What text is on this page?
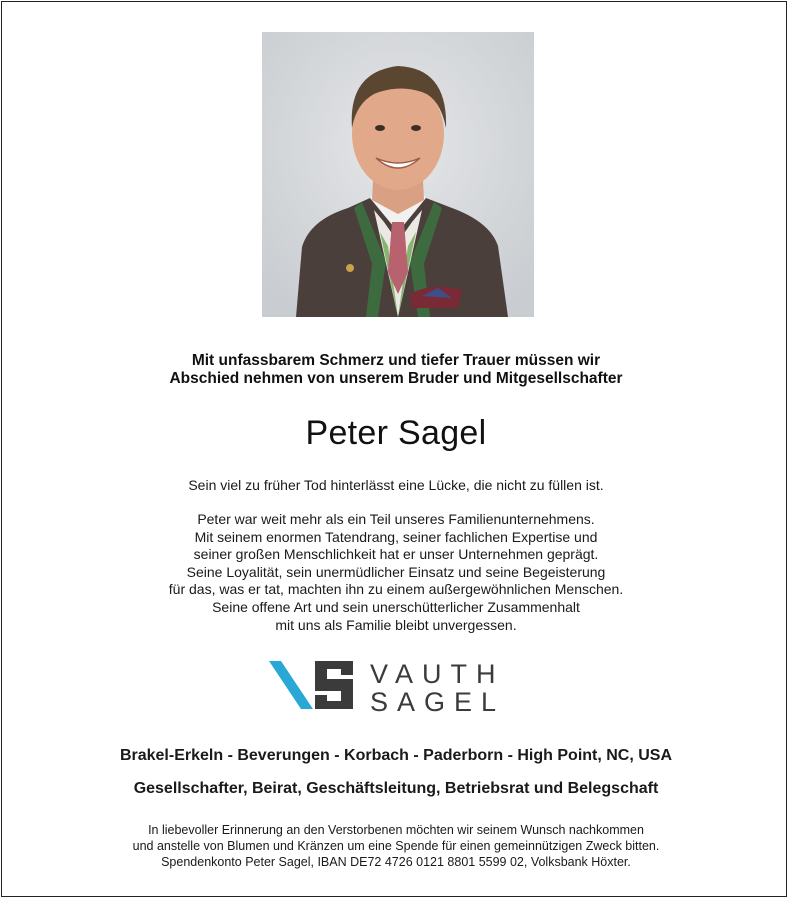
Mit unfassbarem Schmerz und tiefer Trauer müssen wir
Abschied nehmen von unserem Bruder und Mitgesellschafter
Peter Sagel
Sein viel zu früher Tod hinterlässt eine Lücke, die nicht zu füllen ist.
Peter war weit mehr als ein Teil unseres Familienunternehmens.
Mit seinem enormen Tatendrang, seiner fachlichen Expertise und
seiner großen Menschlichkeit hat er unser Unternehmen geprägt.
Seine Loyalität, sein unermüdlicher Einsatz und seine Begeisterung
für das, was er tat, machten ihn zu einem außergewöhnlichen Menschen.
Seine offene Art und sein unerschütterlicher Zusammenhalt
mit uns als Familie bleibt unvergessen.
VAUTH
SAGEL
Brakel-Erkeln - Beverungen - Korbach - Paderborn - High Point, NC, USA
Gesellschafter, Beirat, Geschäftsleitung, Betriebsrat und Belegschaft
In liebevoller Erinnerung an den Verstorbenen möchten wir seinem Wunsch nachkommen
und anstelle von Blumen und Kränzen um eine Spende für einen gemeinnützigen Zweck bitten.
Spendenkonto Peter Sagel, IBAN DE72 4726 0121 8801 5599 02, Volksbank Höxter.
